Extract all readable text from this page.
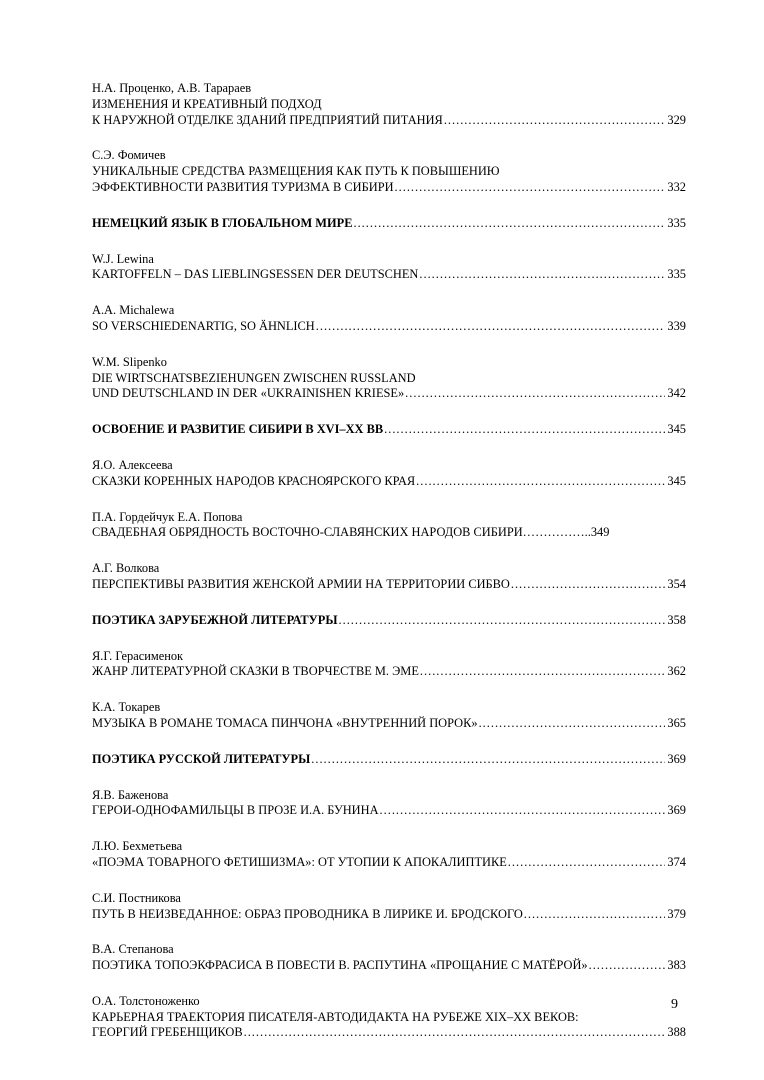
Н.А. Проценко, А.В. Тарараев
ИЗМЕНЕНИЯ И КРЕАТИВНЫЙ ПОДХОД
К НАРУЖНОЙ ОТДЕЛКЕ ЗДАНИЙ ПРЕДПРИЯТИЙ ПИТАНИЯ .....	329
С.Э. Фомичев
УНИКАЛЬНЫЕ СРЕДСТВА РАЗМЕЩЕНИЯ КАК ПУТЬ К ПОВЫШЕНИЮ
ЭФФЕКТИВНОСТИ РАЗВИТИЯ ТУРИЗМА В СИБИРИ .....	332
НЕМЕЦКИЙ ЯЗЫК В ГЛОБАЛЬНОМ МИРЕ .....	335
W.J. Lewina
KARTOFFELN – DAS LIEBLINGSESSEN DER DEUTSCHEN .....	335
A.A. Michalewa
SO VERSCHIEDENARTIG, SO ÄHNLICH .....	339
W.M. Slipenko
DIE WIRTSCHATSBEZIEHUNGEN ZWISCHEN RUSSLAND
UND DEUTSCHLAND IN DER «UKRAINISHEN KRIESE» .....	342
ОСВОЕНИЕ И РАЗВИТИЕ СИБИРИ В XVI–XX ВВ .....	345
Я.О. Алексеева
СКАЗКИ КОРЕННЫХ НАРОДОВ КРАСНОЯРСКОГО КРАЯ .....	345
П.А. Гордейчук Е.А. Попова
СВАДЕБНАЯ ОБРЯДНОСТЬ ВОСТОЧНО-СЛАВЯНСКИХ НАРОДОВ СИБИРИ ……………..349
А.Г. Волкова
ПЕРСПЕКТИВЫ РАЗВИТИЯ ЖЕНСКОЙ АРМИИ НА ТЕРРИТОРИИ СИБВО .....	354
ПОЭТИКА ЗАРУБЕЖНОЙ ЛИТЕРАТУРЫ .....	358
Я.Г. Герасименок
ЖАНР ЛИТЕРАТУРНОЙ СКАЗКИ В ТВОРЧЕСТВЕ М. ЭМЕ .....	362
К.А. Токарев
МУЗЫКА В РОМАНЕ ТОМАСА ПИНЧОНА «ВНУТРЕННИЙ ПОРОК» .....	365
ПОЭТИКА РУССКОЙ ЛИТЕРАТУРЫ .....	369
Я.В. Баженова
ГЕРОИ-ОДНОФАМИЛЬЦЫ В ПРОЗЕ И.А. БУНИНА .....	369
Л.Ю. Бехметьева
«ПОЭМА ТОВАРНОГО ФЕТИШИЗМА»: ОТ УТОПИИ К АПОКАЛИПТИКЕ .....	374
С.И. Постникова
ПУТЬ В НЕИЗВЕДАННОЕ: ОБРАЗ ПРОВОДНИКА В ЛИРИКЕ И. БРОДСКОГО .....	379
В.А. Степанова
ПОЭТИКА ТОПОЭКФРАСИСА В ПОВЕСТИ В. РАСПУТИНА «ПРОЩАНИЕ С МАТЁРОЙ» .....	383
О.А. Толстоноженко
КАРЬЕРНАЯ ТРАЕКТОРИЯ ПИСАТЕЛЯ-АВТОДИДАКТА НА РУБЕЖЕ XIX–XX ВЕКОВ:
ГЕОРГИЙ ГРЕБЕНЩИКОВ .....	388
9
